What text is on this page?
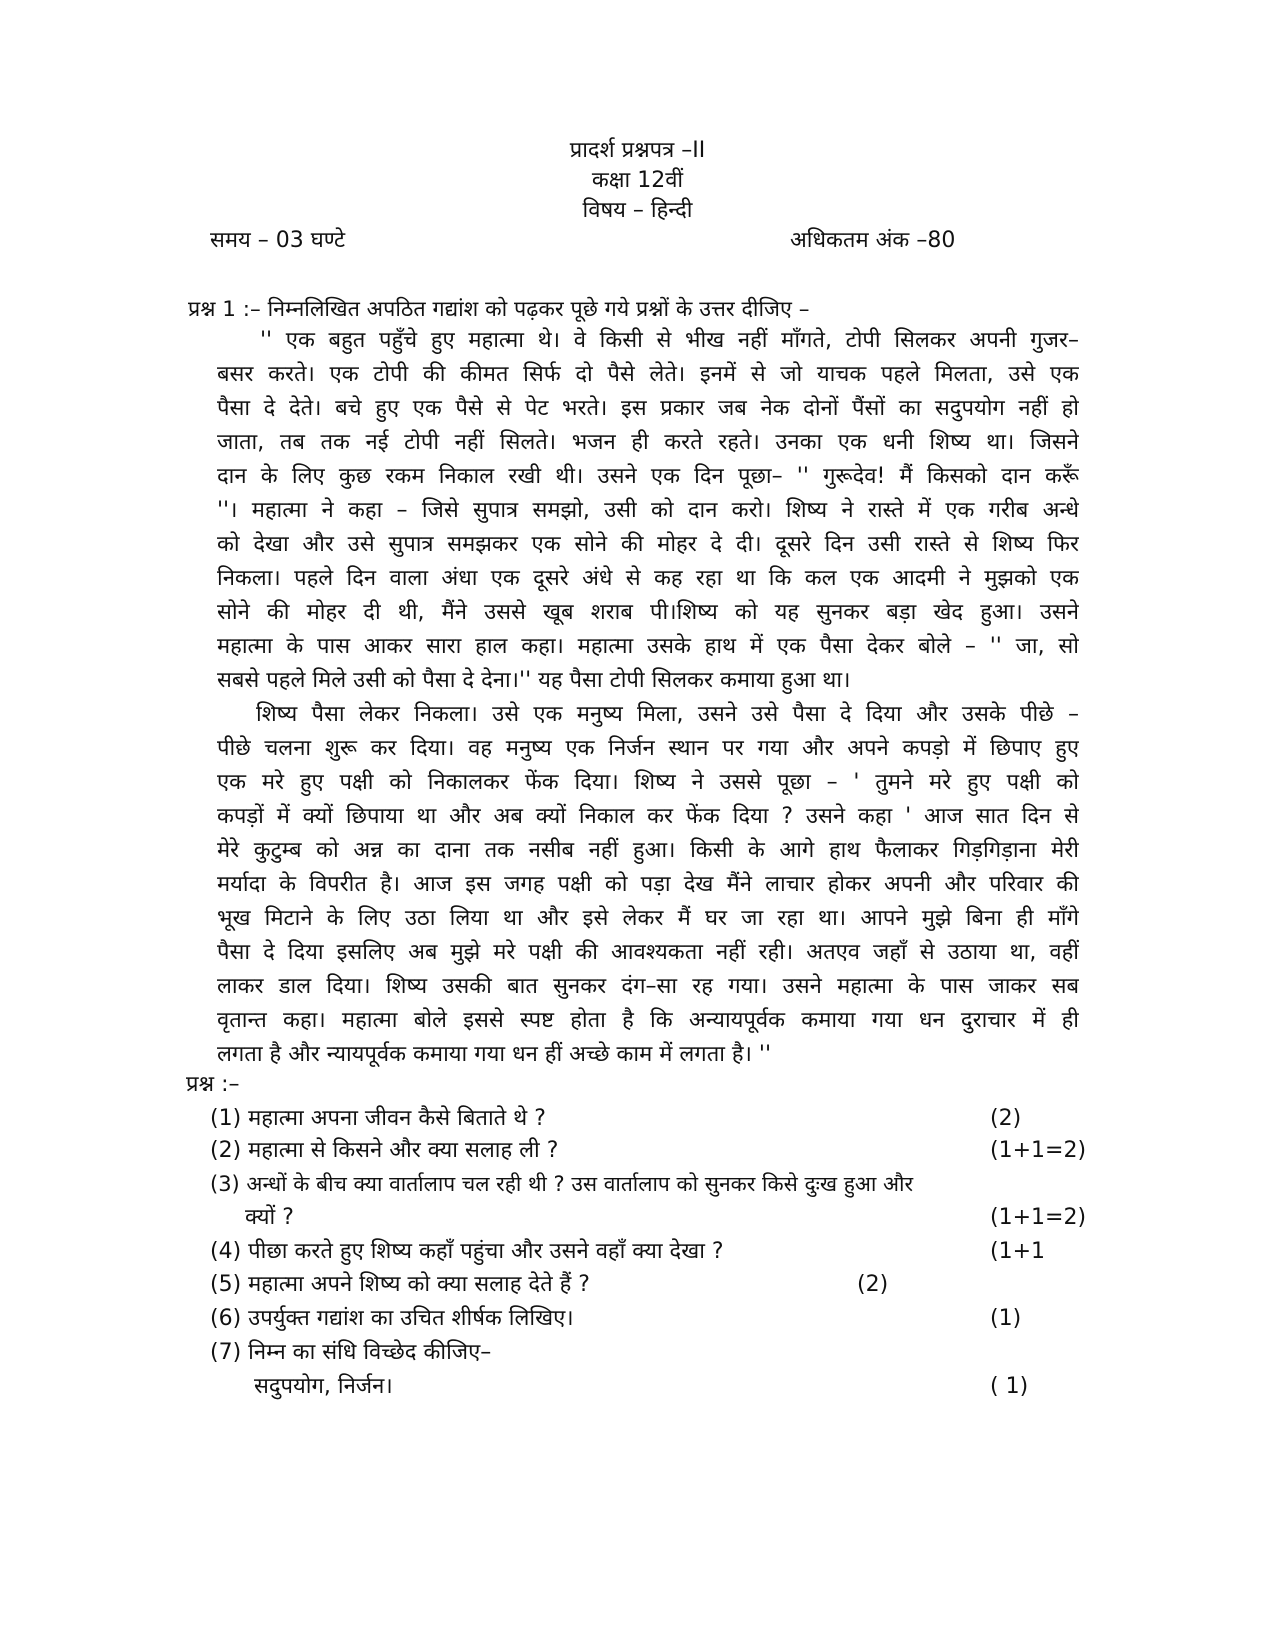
प्रादर्श प्रश्नपत्र –II
कक्षा 12वीं
विषय – हिन्दी
समय – 03 घण्टे	अधिकतम अंक –80
प्रश्न 1 :– निम्नलिखित अपठित गद्यांश को पढ़कर पूछे गये प्रश्नों के उत्तर दीजिए –
'' एक बहुत पहुँचे हुए महात्मा थे। वे किसी से भीख नहीं माँगते, टोपी सिलकर अपनी गुजर–
बसर करते। एक टोपी की कीमत सिर्फ दो पैसे लेते। इनमें से जो याचक पहले मिलता, उसे एक
पैसा दे देते। बचे हुए एक पैसे से पेट भरते। इस प्रकार जब नेक दोनों पैंसों का सदुपयोग नहीं हो
जाता, तब तक नई टोपी नहीं सिलते। भजन ही करते रहते। उनका एक धनी शिष्य था। जिसने
दान के लिए कुछ रकम निकाल रखी थी। उसने एक दिन पूछा– '' गुरूदेव! मैं किसको दान करूँ
''। महात्मा ने कहा – जिसे सुपात्र समझो, उसी को दान करो। शिष्य ने रास्ते में एक गरीब अन्धे
को देखा और उसे सुपात्र समझकर एक सोने की मोहर दे दी। दूसरे दिन उसी रास्ते से शिष्य फिर
निकला। पहले दिन वाला अंधा एक दूसरे अंधे से कह रहा था कि कल एक आदमी ने मुझको एक
सोने की मोहर दी थी, मैंने उससे खूब शराब पी।शिष्य को यह सुनकर बड़ा खेद हुआ। उसने
महात्मा के पास आकर सारा हाल कहा। महात्मा उसके हाथ में एक पैसा देकर बोले – '' जा, सो
सबसे पहले मिले उसी को पैसा दे देना।'' यह पैसा टोपी सिलकर कमाया हुआ था।
शिष्य पैसा लेकर निकला। उसे एक मनुष्य मिला, उसने उसे पैसा दे दिया और उसके पीछे –
पीछे चलना शुरू कर दिया। वह मनुष्य एक निर्जन स्थान पर गया और अपने कपड़ो में छिपाए हुए
एक मरे हुए पक्षी को निकालकर फेंक दिया। शिष्य ने उससे पूछा – ' तुमने मरे हुए पक्षी को
कपड़ों में क्यों छिपाया था और अब क्यों निकाल कर फेंक दिया ? उसने कहा ' आज सात दिन से
मेरे कुटुम्ब को अन्न का दाना तक नसीब नहीं हुआ। किसी के आगे हाथ फैलाकर गिड़गिड़ाना मेरी
मर्यादा के विपरीत है। आज इस जगह पक्षी को पड़ा देख मैंने लाचार होकर अपनी और परिवार की
भूख मिटाने के लिए उठा लिया था और इसे लेकर मैं घर जा रहा था। आपने मुझे बिना ही माँगे
पैसा दे दिया इसलिए अब मुझे मरे पक्षी की आवश्यकता नहीं रही। अतएव जहाँ से उठाया था, वहीं
लाकर डाल दिया। शिष्य उसकी बात सुनकर दंग–सा रह गया। उसने महात्मा के पास जाकर सब
वृतान्त कहा। महात्मा बोले इससे स्पष्ट होता है कि अन्यायपूर्वक कमाया गया धन दुराचार में ही
लगता है और न्यायपूर्वक कमाया गया धन हीं अच्छे काम में लगता है। ''
प्रश्न :–
(1) महात्मा अपना जीवन कैसे बिताते थे ?	(2)
(2) महात्मा से किसने और क्या सलाह ली ?	(1+1=2)
(3) अन्धों के बीच क्या वार्तालाप चल रही थी ? उस वार्तालाप को सुनकर किसे दुःख हुआ और
क्यों ?	(1+1=2)
(4) पीछा करते हुए शिष्य कहाँ पहुंचा और उसने वहाँ क्या देखा ?	(1+1
(5) महात्मा अपने शिष्य को क्या सलाह देते हैं ?	(2)
(6) उपर्युक्त गद्यांश का उचित शीर्षक लिखिए।	(1)
(7) निम्न का संधि विच्छेद कीजिए–
सदुपयोग, निर्जन।	( 1)
